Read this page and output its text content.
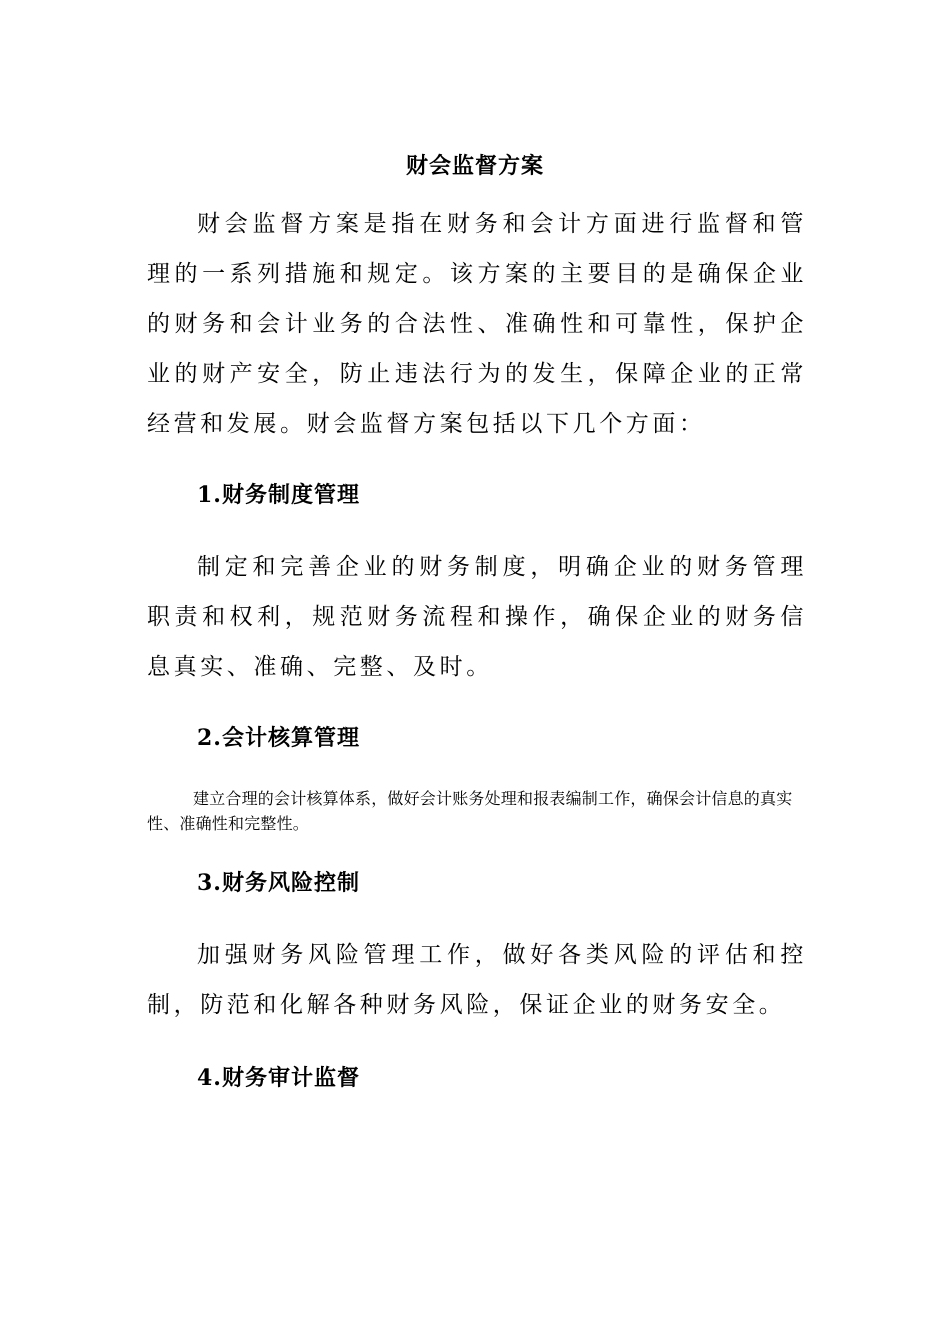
财会监督方案

财会监督方案是指在财务和会计方面进行监督和管理的一系列措施和规定。该方案的主要目的是确保企业的财务和会计业务的合法性、准确性和可靠性，保护企业的财产安全，防止违法行为的发生，保障企业的正常经营和发展。财会监督方案包括以下几个方面：

1.财务制度管理

制定和完善企业的财务制度，明确企业的财务管理职责和权利，规范财务流程和操作，确保企业的财务信息真实、准确、完整、及时。

2.会计核算管理

建立合理的会计核算体系，做好会计账务处理和报表编制工作，确保会计信息的真实性、准确性和完整性。

3.财务风险控制

加强财务风险管理工作，做好各类风险的评估和控制，防范和化解各种财务风险，保证企业的财务安全。

4.财务审计监督
